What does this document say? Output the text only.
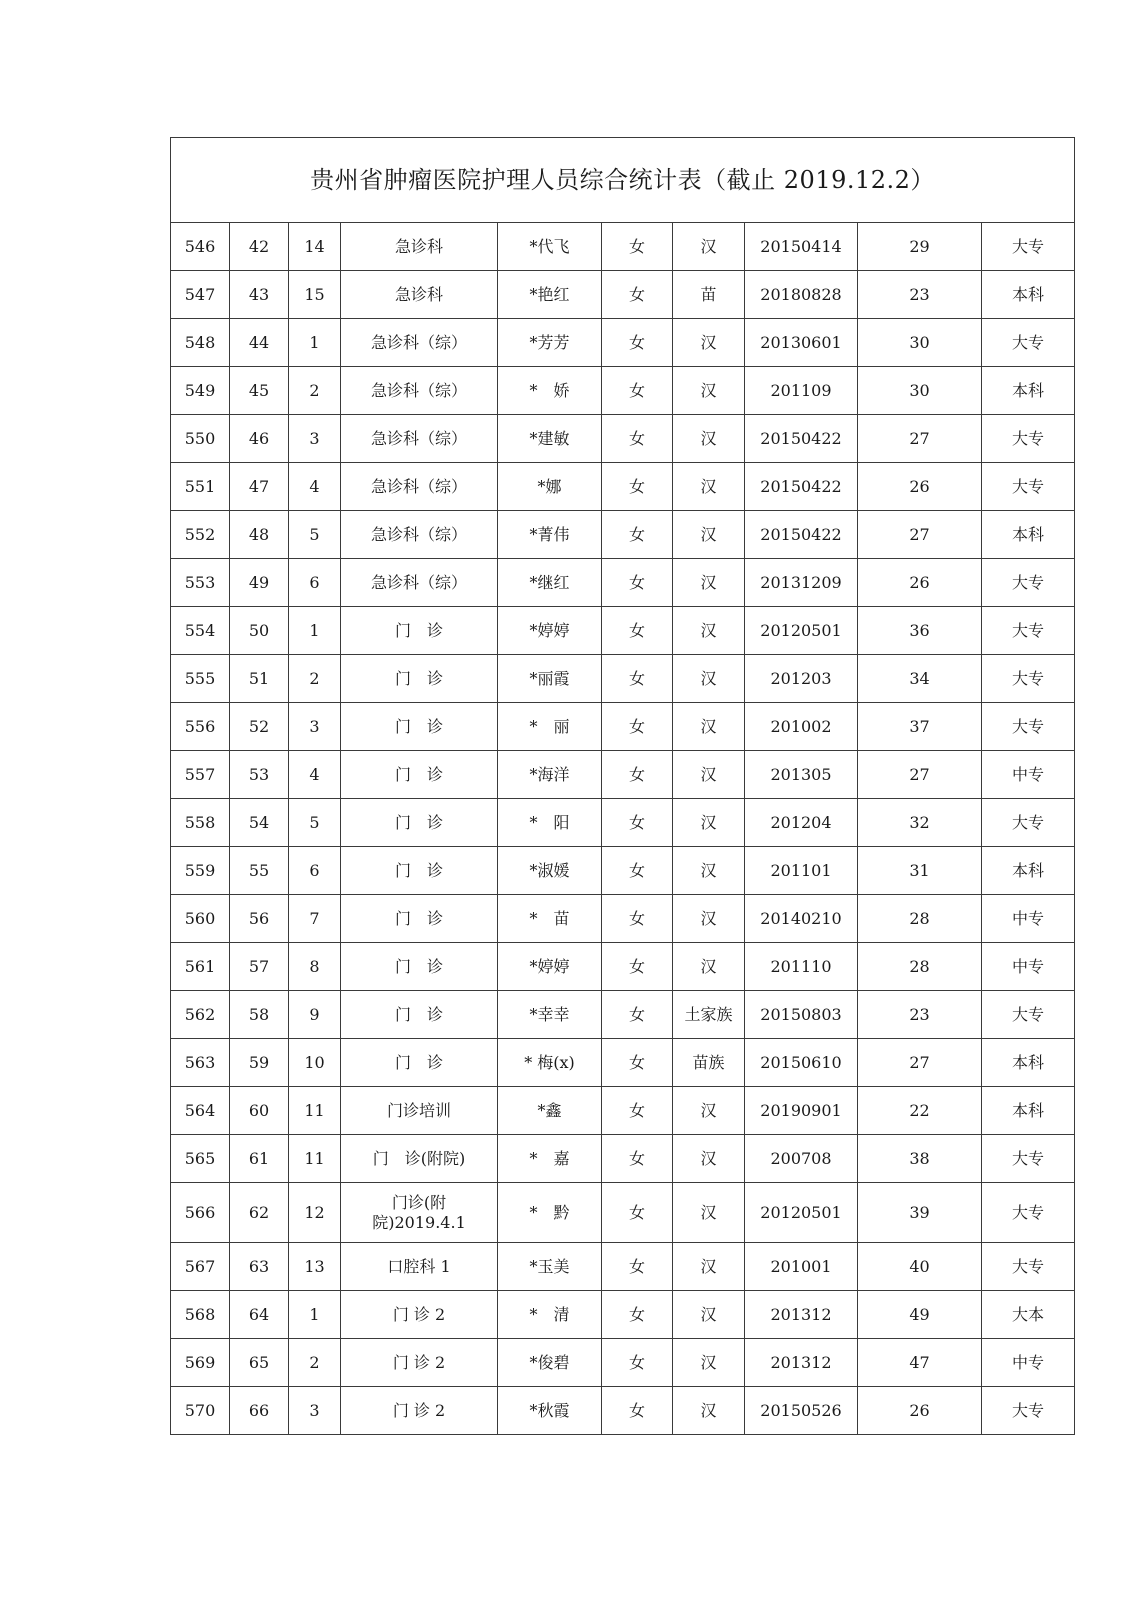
贵州省肿瘤医院护理人员综合统计表（截止 2019.12.2）									
546	42	14	急诊科	*代飞	女	汉	20150414	29	大专
547	43	15	急诊科	*艳红	女	苗	20180828	23	本科
548	44	1	急诊科（综）	*芳芳	女	汉	20130601	30	大专
549	45	2	急诊科（综）	*　娇	女	汉	201109	30	本科
550	46	3	急诊科（综）	*建敏	女	汉	20150422	27	大专
551	47	4	急诊科（综）	*娜	女	汉	20150422	26	大专
552	48	5	急诊科（综）	*菁伟	女	汉	20150422	27	本科
553	49	6	急诊科（综）	*继红	女	汉	20131209	26	大专
554	50	1	门　诊	*婷婷	女	汉	20120501	36	大专
555	51	2	门　诊	*丽霞	女	汉	201203	34	大专
556	52	3	门　诊	*　丽	女	汉	201002	37	大专
557	53	4	门　诊	*海洋	女	汉	201305	27	中专
558	54	5	门　诊	*　阳	女	汉	201204	32	大专
559	55	6	门　诊	*淑媛	女	汉	201101	31	本科
560	56	7	门　诊	*　苗	女	汉	20140210	28	中专
561	57	8	门　诊	*婷婷	女	汉	201110	28	中专
562	58	9	门　诊	*幸幸	女	土家族	20150803	23	大专
563	59	10	门　诊	* 梅(x)	女	苗族	20150610	27	本科
564	60	11	门诊培训	*鑫	女	汉	20190901	22	本科
565	61	11	门　诊(附院)	*　嘉	女	汉	200708	38	大专
566	62	12	门诊(附
院)2019.4.1	*　黔	女	汉	20120501	39	大专
567	63	13	口腔科 1	*玉美	女	汉	201001	40	大专
568	64	1	门 诊 2	*　清	女	汉	201312	49	大本
569	65	2	门 诊 2	*俊碧	女	汉	201312	47	中专
570	66	3	门 诊 2	*秋霞	女	汉	20150526	26	大专
